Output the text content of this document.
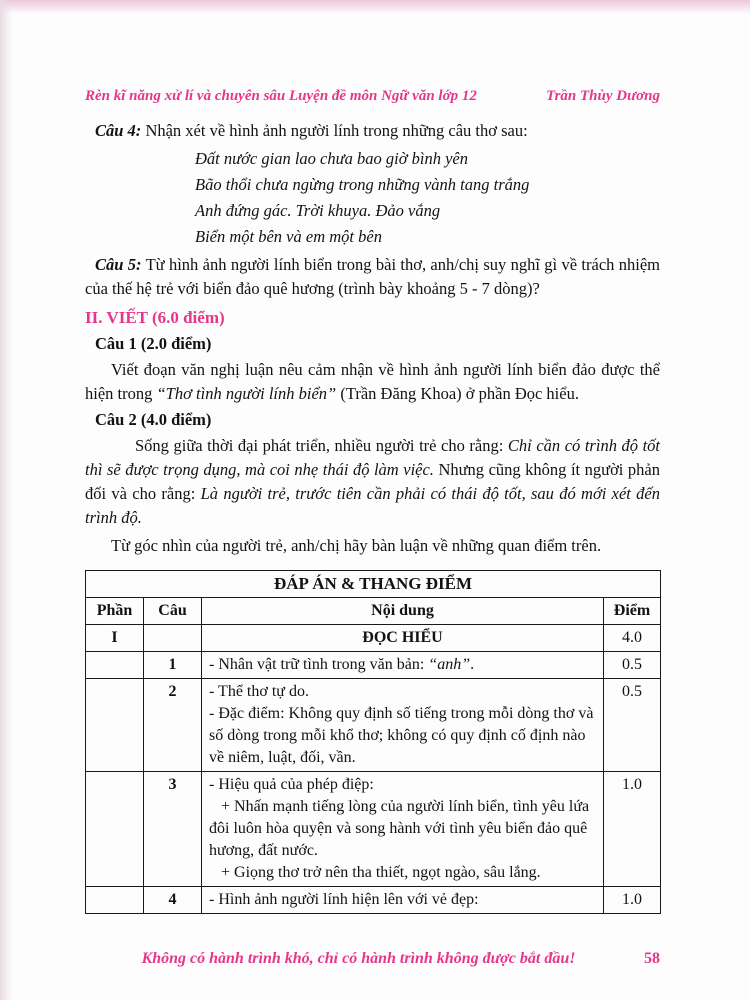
Rèn kĩ năng xử lí và chuyên sâu Luyện đề môn Ngữ văn lớp 12	Trần Thùy Dương

Câu 4: Nhận xét về hình ảnh người lính trong những câu thơ sau:

Đất nước gian lao chưa bao giờ bình yên
Bão thổi chưa ngừng trong những vành tang trắng
Anh đứng gác. Trời khuya. Đảo vắng
Biển một bên và em một bên

Câu 5: Từ hình ảnh người lính biển trong bài thơ, anh/chị suy nghĩ gì về trách nhiệm của thế hệ trẻ với biển đảo quê hương (trình bày khoảng 5 - 7 dòng)?

II. VIẾT (6.0 điểm)

Câu 1 (2.0 điểm)

Viết đoạn văn nghị luận nêu cảm nhận về hình ảnh người lính biển đảo được thể hiện trong “Thơ tình người lính biển” (Trần Đăng Khoa) ở phần Đọc hiểu.

Câu 2 (4.0 điểm)

Sống giữa thời đại phát triển, nhiều người trẻ cho rằng: Chỉ cần có trình độ tốt thì sẽ được trọng dụng, mà coi nhẹ thái độ làm việc. Nhưng cũng không ít người phản đối và cho rằng: Là người trẻ, trước tiên cần phải có thái độ tốt, sau đó mới xét đến trình độ.

Từ góc nhìn của người trẻ, anh/chị hãy bàn luận về những quan điểm trên.

ĐÁP ÁN & THANG ĐIỂM			
Phần	Câu	Nội dung	Điểm
I		ĐỌC HIỂU	4.0
	1	- Nhân vật trữ tình trong văn bản: “anh”.	0.5
	2	- Thể thơ tự do.
- Đặc điểm: Không quy định số tiếng trong mỗi dòng thơ và số dòng trong mỗi khổ thơ; không có quy định cố định nào về niêm, luật, đối, vần.	0.5
	3	- Hiệu quả của phép điệp:
+ Nhấn mạnh tiếng lòng của người lính biển, tình yêu lứa đôi luôn hòa quyện và song hành với tình yêu biển đảo quê hương, đất nước.
+ Giọng thơ trở nên tha thiết, ngọt ngào, sâu lắng.	1.0
	4	- Hình ảnh người lính hiện lên với vẻ đẹp:	1.0
Không có hành trình khó, chỉ có hành trình không được bắt đầu!	58
